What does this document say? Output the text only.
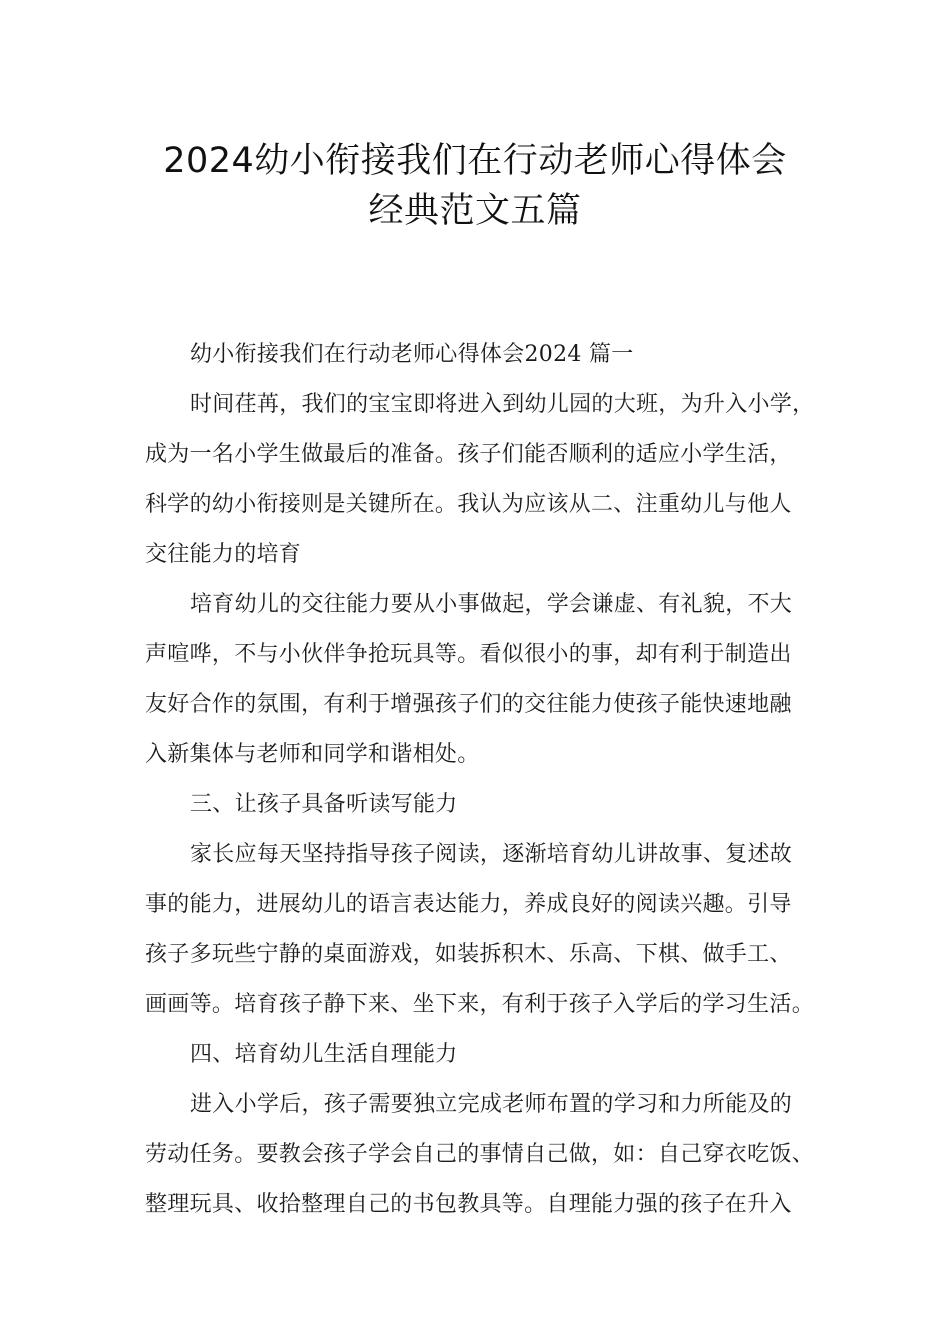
2024幼小衔接我们在行动老师心得体会
经典范文五篇
幼小衔接我们在行动老师心得体会2024 篇一
时间荏苒，我们的宝宝即将进入到幼儿园的大班，为升入小学，
成为一名小学生做最后的准备。孩子们能否顺利的适应小学生活，
科学的幼小衔接则是关键所在。我认为应该从二、注重幼儿与他人
交往能力的培育
培育幼儿的交往能力要从小事做起，学会谦虚、有礼貌，不大
声喧哗，不与小伙伴争抢玩具等。看似很小的事，却有利于制造出
友好合作的氛围，有利于增强孩子们的交往能力使孩子能快速地融
入新集体与老师和同学和谐相处。
三、让孩子具备听读写能力
家长应每天坚持指导孩子阅读，逐渐培育幼儿讲故事、复述故
事的能力，进展幼儿的语言表达能力，养成良好的阅读兴趣。引导
孩子多玩些宁静的桌面游戏，如装拆积木、乐高、下棋、做手工、
画画等。培育孩子静下来、坐下来，有利于孩子入学后的学习生活。
四、培育幼儿生活自理能力
进入小学后，孩子需要独立完成老师布置的学习和力所能及的
劳动任务。要教会孩子学会自己的事情自己做，如：自己穿衣吃饭、
整理玩具、收拾整理自己的书包教具等。自理能力强的孩子在升入
